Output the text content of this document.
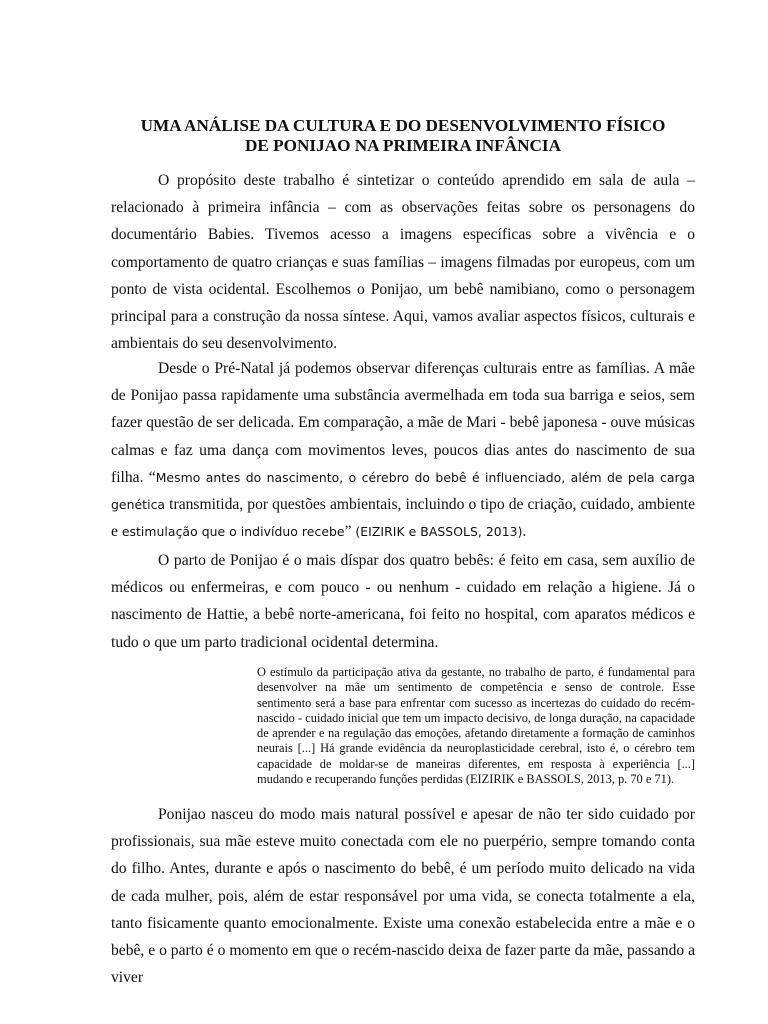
UMA ANÁLISE DA CULTURA E DO DESENVOLVIMENTO FÍSICO
DE PONIJAO NA PRIMEIRA INFÂNCIA

O propósito deste trabalho é sintetizar o conteúdo aprendido em sala de aula – relacionado à primeira infância – com as observações feitas sobre os personagens do documentário Babies. Tivemos acesso a imagens específicas sobre a vivência e o comportamento de quatro crianças e suas famílias – imagens filmadas por europeus, com um ponto de vista ocidental. Escolhemos o Ponijao, um bebê namibiano, como o personagem principal para a construção da nossa síntese. Aqui, vamos avaliar aspectos físicos, culturais e ambientais do seu desenvolvimento.

Desde o Pré-Natal já podemos observar diferenças culturais entre as famílias. A mãe de Ponijao passa rapidamente uma substância avermelhada em toda sua barriga e seios, sem fazer questão de ser delicada. Em comparação, a mãe de Mari - bebê japonesa - ouve músicas calmas e faz uma dança com movimentos leves, poucos dias antes do nascimento de sua filha. “Mesmo antes do nascimento, o cérebro do bebê é influenciado, além de pela carga genética transmitida, por questões ambientais, incluindo o tipo de criação, cuidado, ambiente e estimulação que o indivíduo recebe” (EIZIRIK e BASSOLS, 2013).

O parto de Ponijao é o mais díspar dos quatro bebês: é feito em casa, sem auxílio de médicos ou enfermeiras, e com pouco - ou nenhum - cuidado em relação a higiene. Já o nascimento de Hattie, a bebê norte-americana, foi feito no hospital, com aparatos médicos e tudo o que um parto tradicional ocidental determina.

O estímulo da participação ativa da gestante, no trabalho de parto, é fundamental para desenvolver na mãe um sentimento de competência e senso de controle. Esse sentimento será a base para enfrentar com sucesso as incertezas do cuidado do recém-nascido - cuidado inicial que tem um impacto decisivo, de longa duração, na capacidade de aprender e na regulação das emoções, afetando diretamente a formação de caminhos neurais [...] Há grande evidência da neuroplasticidade cerebral, isto é, o cérebro tem capacidade de moldar-se de maneiras diferentes, em resposta à experiência [...] mudando e recuperando funções perdidas (EIZIRIK e BASSOLS, 2013, p. 70 e 71).

Ponijao nasceu do modo mais natural possível e apesar de não ter sido cuidado por profissionais, sua mãe esteve muito conectada com ele no puerpério, sempre tomando conta do filho. Antes, durante e após o nascimento do bebê, é um período muito delicado na vida de cada mulher, pois, além de estar responsável por uma vida, se conecta totalmente a ela, tanto fisicamente quanto emocionalmente. Existe uma conexão estabelecida entre a mãe e o bebê, e o parto é o momento em que o recém-nascido deixa de fazer parte da mãe, passando a viver
